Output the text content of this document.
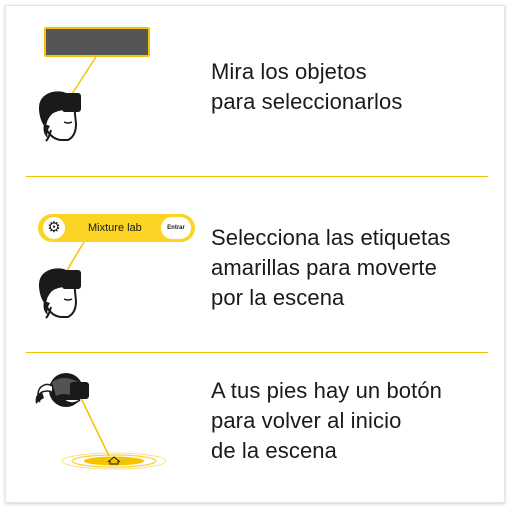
Mira los objetos
para seleccionarlos
⚙	Mixture lab	Entrar Selecciona las etiquetas
amarillas para moverte
por la escena
A tus pies hay un botón
para volver al inicio
de la escena
